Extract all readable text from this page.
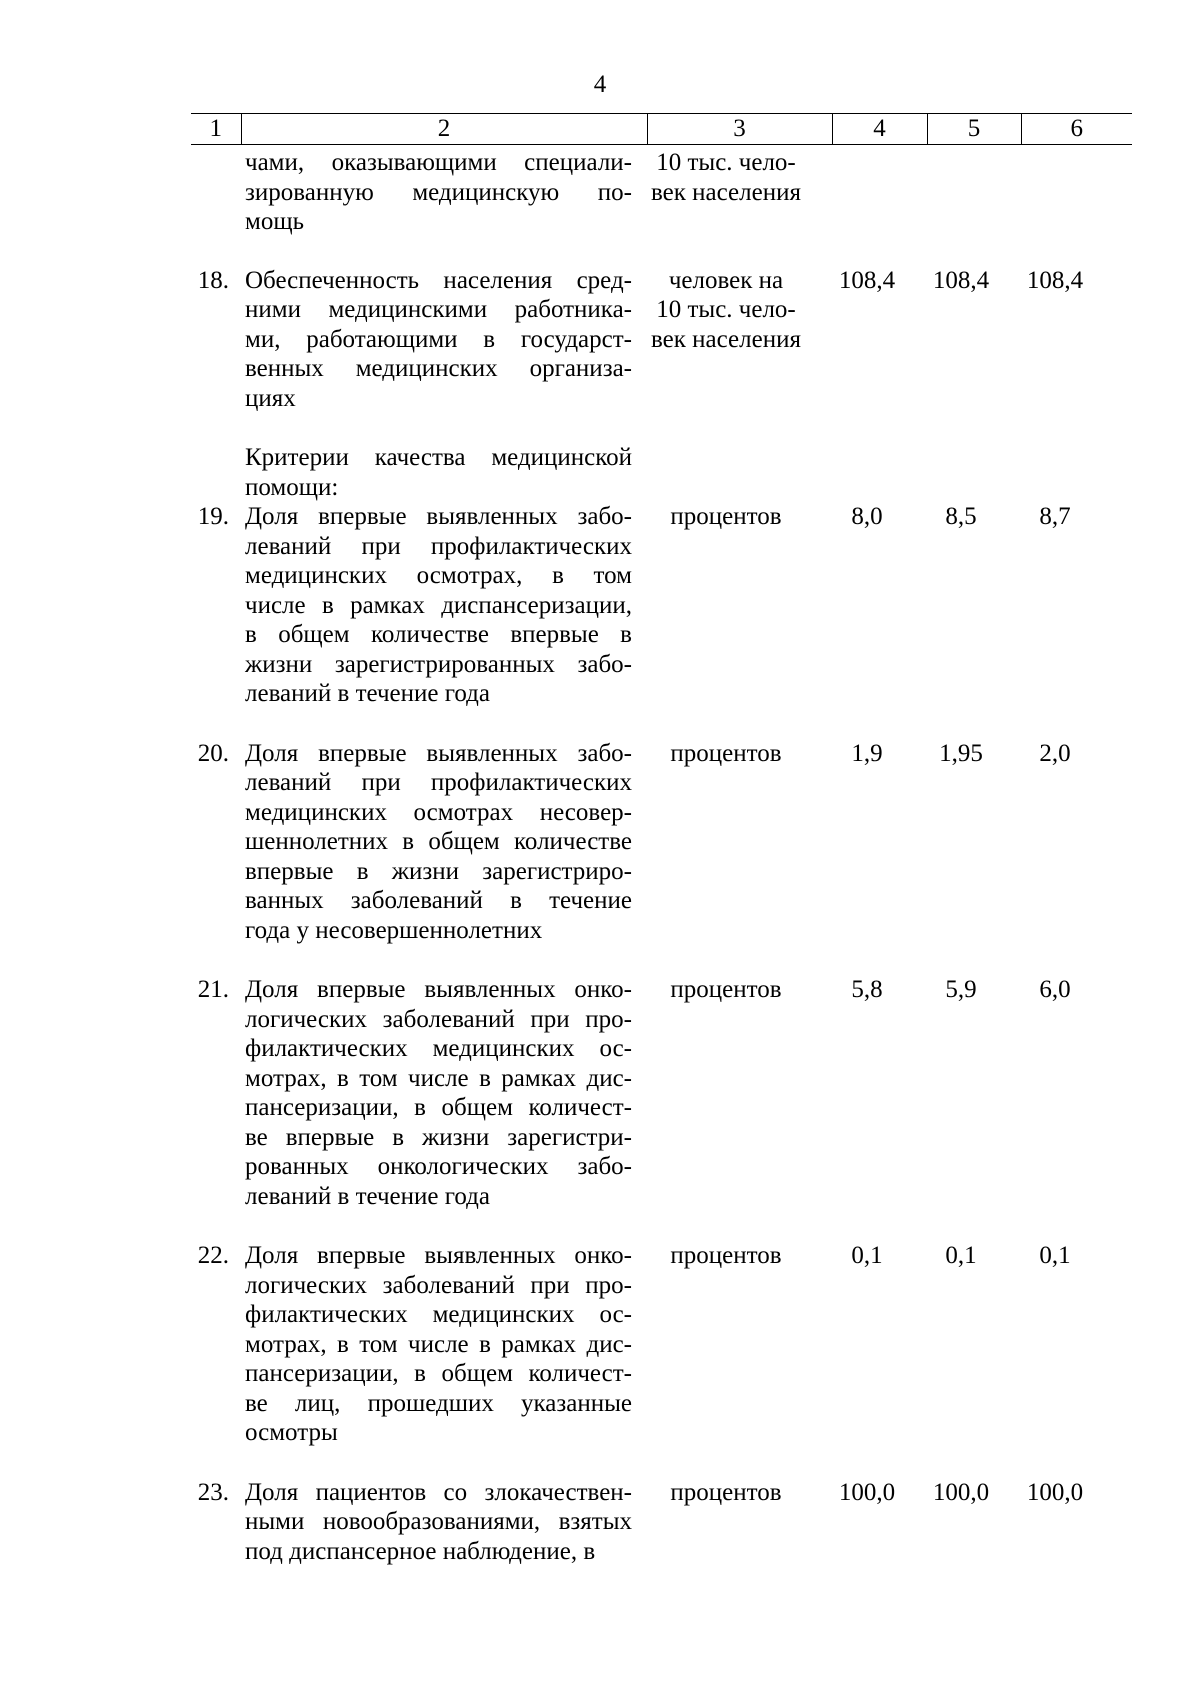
4
1	2	3	4	5	6
чами, оказывающими специали-
зированную медицинскую по-
мощь
10 тыс. чело-
век населения
18. Обеспеченность населения сред-
ними медицинскими работника-
ми, работающими в государст-
венных медицинских организа-
циях
человек на
10 тыс. чело-
век населения
108,4	108,4	108,4
Критерии качества медицинской
помощи:
19. Доля впервые выявленных забо-
леваний при профилактических
медицинских осмотрах, в том
числе в рамках диспансеризации,
в общем количестве впервые в
жизни зарегистрированных забо-
леваний в течение года
процентов	8,0	8,5	8,7
20. Доля впервые выявленных забо-
леваний при профилактических
медицинских осмотрах несовер-
шеннолетних в общем количестве
впервые в жизни зарегистриро-
ванных заболеваний в течение
года у несовершеннолетних
процентов	1,9	1,95	2,0
21. Доля впервые выявленных онко-
логических заболеваний при про-
филактических медицинских ос-
мотрах, в том числе в рамках дис-
пансеризации, в общем количест-
ве впервые в жизни зарегистри-
рованных онкологических забо-
леваний в течение года
процентов	5,8	5,9	6,0
22. Доля впервые выявленных онко-
логических заболеваний при про-
филактических медицинских ос-
мотрах, в том числе в рамках дис-
пансеризации, в общем количест-
ве лиц, прошедших указанные
осмотры
процентов	0,1	0,1	0,1
23. Доля пациентов со злокачествен-
ными новообразованиями, взятых
под диспансерное наблюдение, в
процентов	100,0	100,0	100,0
